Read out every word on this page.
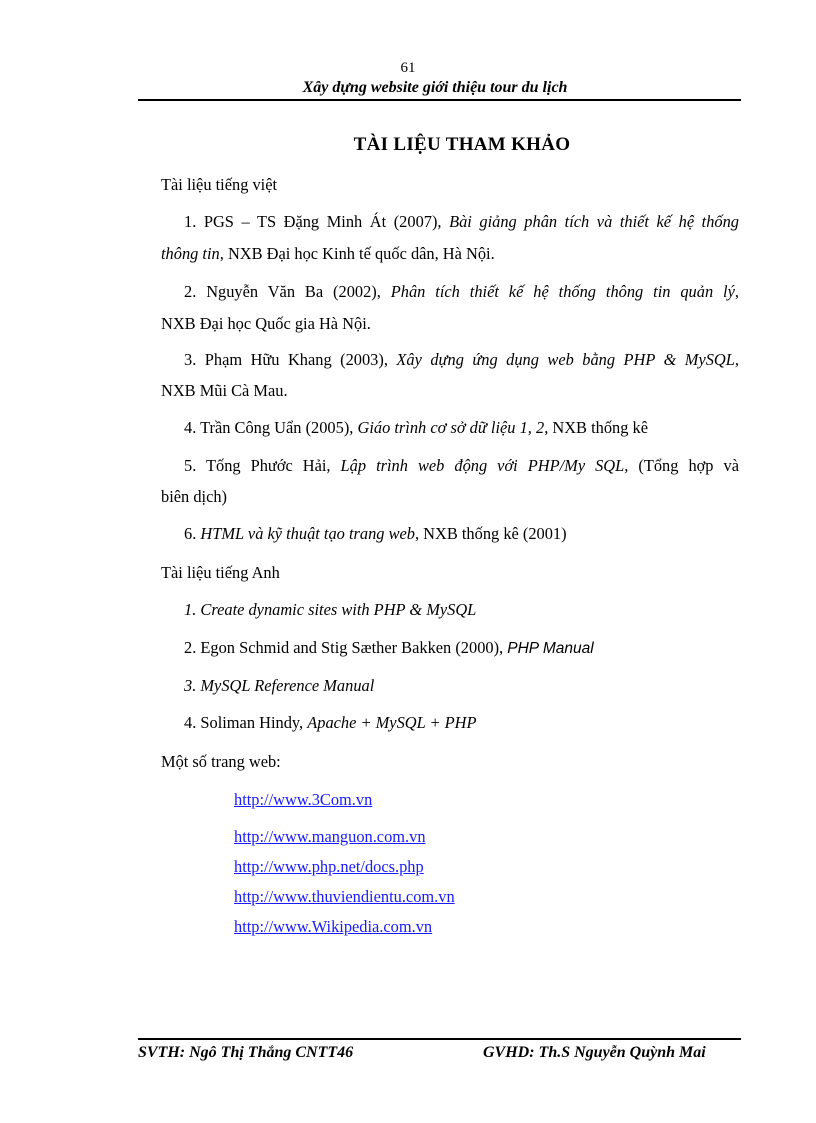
61
Xây dựng website giới thiệu tour du lịch
TÀI LIỆU THAM KHẢO
Tài liệu tiếng việt
1. PGS – TS Đặng Minh Át (2007), Bài giảng phân tích và thiết kế hệ thống
thông tin, NXB Đại học Kinh tế quốc dân, Hà Nội.
2. Nguyễn Văn Ba (2002), Phân tích thiết kế hệ thống thông tin quản lý,
NXB Đại học Quốc gia Hà Nội.
3. Phạm Hữu Khang (2003), Xây dựng ứng dụng web bằng PHP & MySQL,
NXB Mũi Cà Mau.
4. Trần Công Uẩn (2005), Giáo trình cơ sở dữ liệu 1, 2, NXB thống kê
5. Tống Phước Hải, Lập trình web động với PHP/My SQL, (Tổng hợp và
biên dịch)
6. HTML và kỹ thuật tạo trang web, NXB thống kê (2001)
Tài liệu tiếng Anh
1. Create dynamic sites with PHP & MySQL
2. Egon Schmid and Stig Sæther Bakken (2000), PHP Manual
3. MySQL Reference Manual
4. Soliman Hindy, Apache + MySQL + PHP
Một số trang web:
http://www.3Com.vn
http://www.manguon.com.vn
http://www.php.net/docs.php
http://www.thuviendientu.com.vn
http://www.Wikipedia.com.vn
SVTH: Ngô Thị Thắng CNTT46	GVHD: Th.S Nguyễn Quỳnh Mai
